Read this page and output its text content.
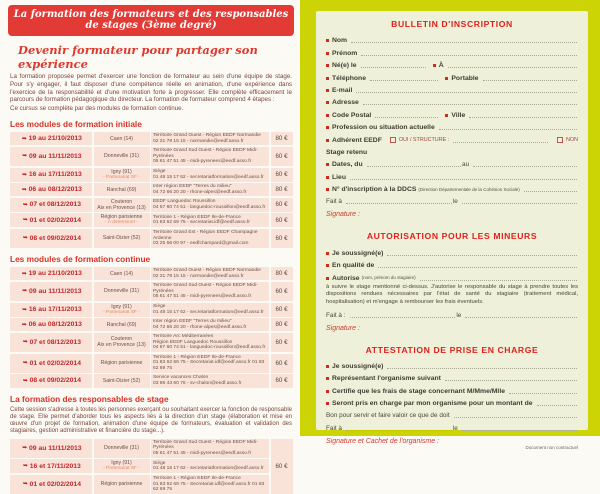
La formation des formateurs et des responsables de stages (3ème degré)
Devenir formateur pour partager son expérience

La formation proposée permet d'exercer une fonction de formateur au sein d'une équipe de stage. Pour s'y engager, il faut disposer d'une compétence réelle en animation, d'une expérience dans l'exercice de la responsabilité et d'une motivation forte à progresser. Elle complète efficacement le parcours de formation pédagogique du directeur. La formation de formateur comprend 4 étapes :

Ce cursus se complète par des modules de formation continue.

Les modules de formation initiale
➥ 19 au 21/10/2013	Caen (14)
Territoire Grand Ouest - Région EEDF Normandie
02 31 78 15 15 - normandie@eedf.asso.fr	80 €
➥ 09 au 11/11/2013	Donneville (31)
Territoire Grand Sud Ouest - Région EEDF Midi-Pyrénées
05 61 47 51 45 - midi-pyrenees@eedf.asso.fr
60 €
➥ 16 au 17/11/2013	Igny (91)
- Partenariat SF -
Siège
01 48 15 17 62 - secretariatformation@eedf.asso.fr	60 €
➥ 06 au 08/12/2013	Ranchal (69)
Inter région EEDF "Terres du milieu"
04 72 66 20 20 - rhone-alpes@eedf.asso.fr	80 €
➥ 07 et 08/12/2013	Couteron
Aix en Provence (13)
EEDF Languedoc Roussillon
04 67 60 74 51 - languedoc-roussillon@eedf.asso.fr	60 €
➥ 01 et 02/02/2014	Région parisienne
- À déterminer -
Territoire 1 - Région EEDF Ile-de-France
01 83 62 69 75 - secretariat.idf@eedf.asso.fr	60 €
➥ 08 et 09/02/2014	Saint-Dizier (52)
Territoire Grand Est - Région EEDF Champagne Ardenne
03 25 56 00 97 - eedfchampard@gmail.com
60 €
Les modules de formation continue
➥ 19 au 21/10/2013	Caen (14)
Territoire Grand Ouest - Région EEDF Normandie
02 31 78 15 15 - normandie@eedf.asso.fr	80 €
➥ 09 au 11/11/2013	Donneville (31)
Territoire Grand Sud Ouest - Région EEDF Midi-Pyrénées
05 61 47 51 45 - midi-pyrenees@eedf.asso.fr
60 €
➥ 16 au 17/11/2013	Igny (91)
- Partenariat SF -
Siège
01 48 15 17 62 - secretariatformation@eedf.asso.fr	60 €
➥ 06 au 08/12/2013	Ranchal (69)
Inter région EEDF "Terres du milieu"
04 72 66 20 20 - rhone-alpes@eedf.asso.fr	80 €
➥ 07 et 08/12/2013	Couteron
Aix en Provence (13)
Territoire Arc Méditerranéen
Région EEDF Languedoc Roussillon
04 67 60 74 51 - languedoc-roussillon@eedf.asso.fr
60 €
➥ 01 et 02/02/2014	Région parisienne
Territoire 1 - Région EEDF Ile-de-France
01 83 62 69 75 - Secretariat.idf@eedf.asso.fr 01 83 62 69 75
60 €
➥ 08 et 09/02/2014	Saint-Dizier (52)
Service vacances Chalon
03 85 43 60 76 - sv-chalon@eedf.asso.fr	60 €
La formation des responsables de stage

Cette session s'adresse à toutes les personnes exerçant ou souhaitant exercer la fonction de responsable de stage. Elle permet d'aborder tous les aspects liés à la direction d'un stage (élaboration et mise en œuvre d'un projet de formation, animation d'une équipe de formateurs, évaluation et validation des stagiaires, gestion administrative et financière du stage...).

➥ 09 au 11/11/2013	Donneville (31)
Territoire Grand Sud Ouest - Région EEDF Midi-Pyrénées
05 61 47 51 45 - midi-pyrenees@eedf.asso.fr
➥ 16 et 17/11/2013	Igny (91)
- Partenariat SF -
Siège
01 48 15 17 62 - secretariatformation@eedf.asso.fr
➥ 01 et 02/02/2014	Région parisienne
Territoire 1 - Région EEDF Ile-de-France
01 83 62 69 75 - Secretariat.idf@eedf.asso.fr 01 83 62 69 75
60 €
BULLETIN D'INSCRIPTION
Nom
Prénom
Né(e) le	À
Téléphone	Portable
E-mail
Adresse
Code Postal	Ville
Profession ou situation actuelle
Adhérent EEDF	OUI / STRUCTURE :	NON
Stage retenu
Dates, du	au
Lieu
N° d'inscription à la DDCS (Direction Départementale de la Cohésion Sociale)
Fait à	le
Signature :
AUTORISATION POUR LES MINEURS
Je soussigné(e)
En qualité de
Autorise (nom, prénom du stagiaire)
à suivre le stage mentionné ci-dessus. J'autorise le responsable du stage à prendre toutes les dispositions rendues nécessaires par l'état de santé du stagiaire (traitement médical, hospitalisation) et m'engage à rembourser les frais éventuels.
Fait à :	le
Signature :
ATTESTATION DE PRISE EN CHARGE
Je soussigné(e)
Représentant l'organisme suivant
Certifie que les frais de stage concernant M/Mme/Mlle
Seront pris en charge par mon organisme pour un montant de
Bon pour servir et faire valoir ce que de doit
Fait à	le
Signature et Cachet de l'organisme :
Document non contractuel
